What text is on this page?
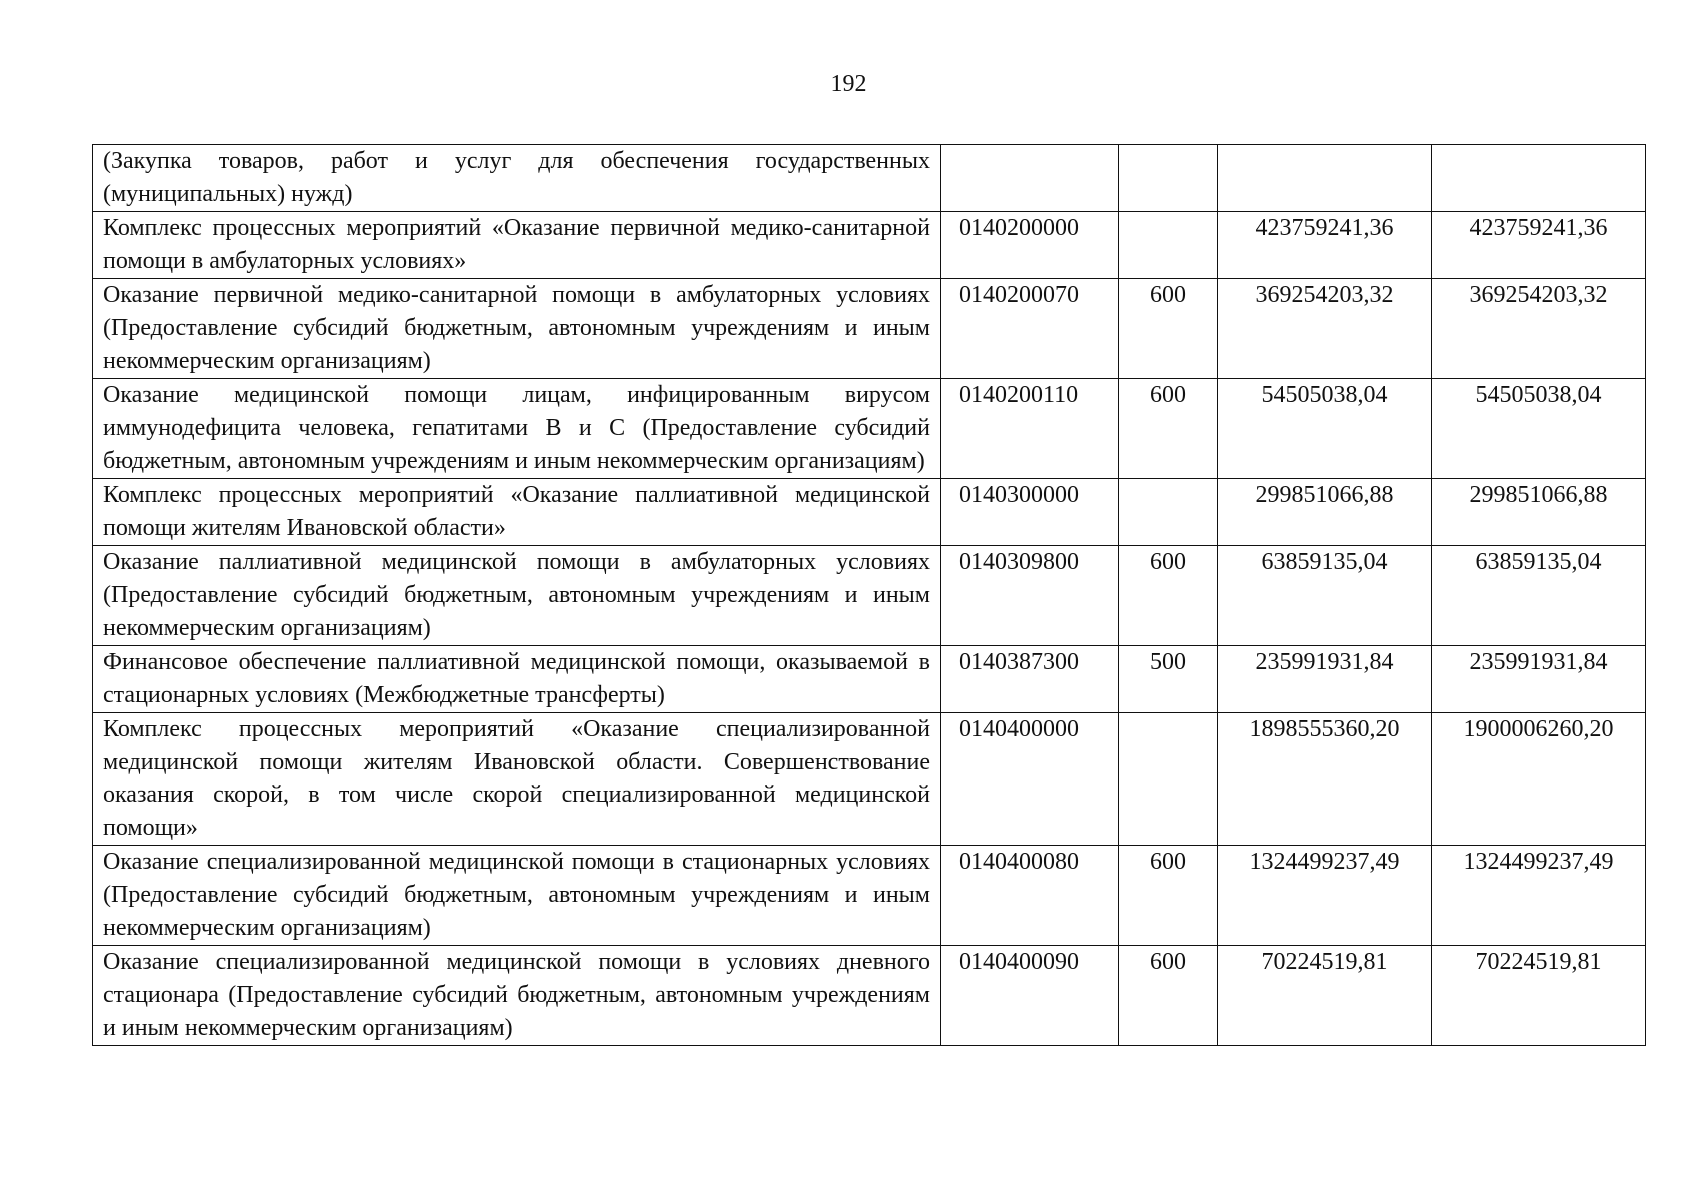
192
(Закупка товаров, работ и услуг для обеспечения государственных (муниципальных) нужд)				
Комплекс процессных мероприятий «Оказание первичной медико-санитарной помощи в амбулаторных условиях»	0140200000		423759241,36	423759241,36
Оказание первичной медико-санитарной помощи в амбулаторных условиях (Предоставление субсидий бюджетным, автономным учреждениям и иным некоммерческим организациям)	0140200070	600	369254203,32	369254203,32
Оказание медицинской помощи лицам, инфицированным вирусом иммунодефицита человека, гепатитами В и С (Предоставление субсидий бюджетным, автономным учреждениям и иным некоммерческим организациям)	0140200110	600	54505038,04	54505038,04
Комплекс процессных мероприятий «Оказание паллиативной медицинской помощи жителям Ивановской области»	0140300000		299851066,88	299851066,88
Оказание паллиативной медицинской помощи в амбулаторных условиях (Предоставление субсидий бюджетным, автономным учреждениям и иным некоммерческим организациям)	0140309800	600	63859135,04	63859135,04
Финансовое обеспечение паллиативной медицинской помощи, оказываемой в стационарных условиях (Межбюджетные трансферты)	0140387300	500	235991931,84	235991931,84
Комплекс процессных мероприятий «Оказание специализированной медицинской помощи жителям Ивановской области. Совершенствование оказания скорой, в том числе скорой специализированной медицинской помощи»	0140400000		1898555360,20	1900006260,20
Оказание специализированной медицинской помощи в стационарных условиях (Предоставление субсидий бюджетным, автономным учреждениям и иным некоммерческим организациям)	0140400080	600	1324499237,49	1324499237,49
Оказание специализированной медицинской помощи в условиях дневного стационара (Предоставление субсидий бюджетным, автономным учреждениям и иным некоммерческим организациям)	0140400090	600	70224519,81	70224519,81
